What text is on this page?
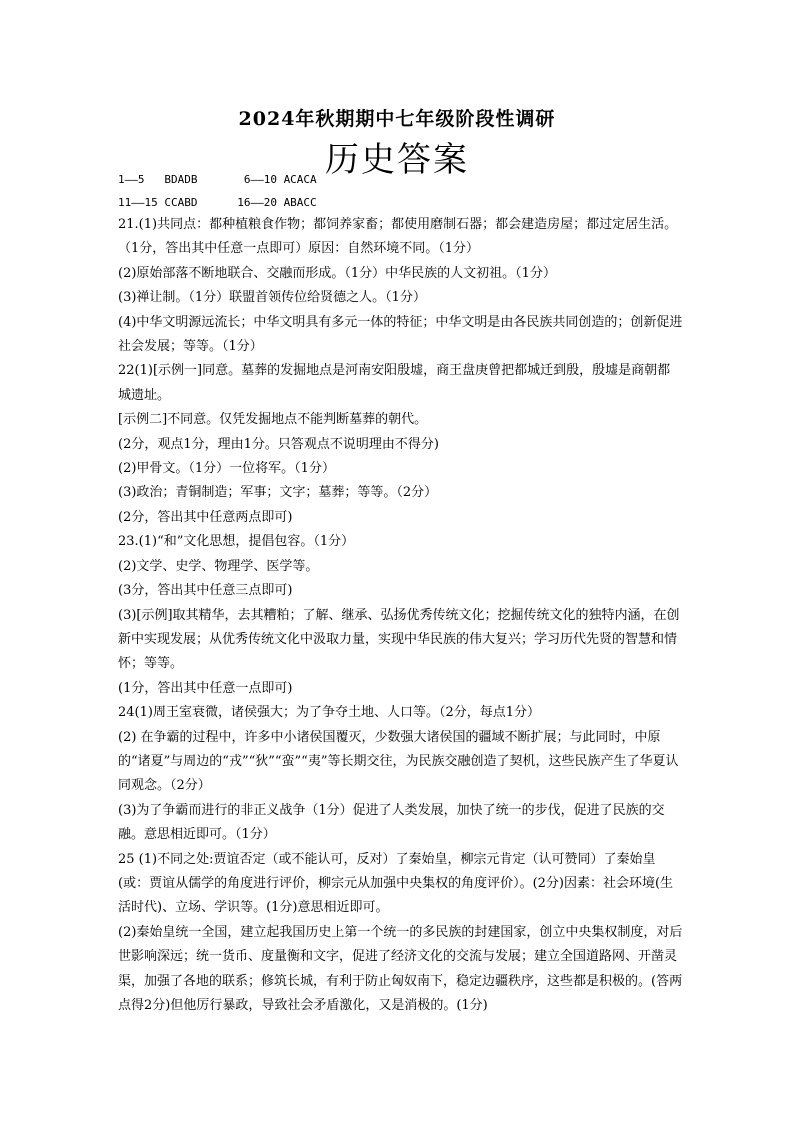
2024年秋期期中七年级阶段性调研
历史答案
1——5   BDADB       6——10 ACACA
11——15 CCABD      16——20 ABACC

21.(1)共同点：都种植粮食作物；都饲养家畜；都使用磨制石器；都会建造房屋；都过定居生活。（1分，答出其中任意一点即可）原因：自然环境不同。（1分）

(2)原始部落不断地联合、交融而形成。（1分）中华民族的人文初祖。（1分）

(3)禅让制。（1分）联盟首领传位给贤德之人。（1分）

(4)中华文明源远流长；中华文明具有多元一体的特征；中华文明是由各民族共同创造的；创新促进社会发展；等等。（1分）

22(1)[示例一]同意。墓葬的发掘地点是河南安阳殷墟，商王盘庚曾把都城迁到殷，殷墟是商朝都城遗址。

[示例二]不同意。仅凭发掘地点不能判断墓葬的朝代。

(2分，观点1分，理由1分。只答观点不说明理由不得分)

(2)甲骨文。（1分）一位将军。（1分）

(3)政治；青铜制造；军事；文字；墓葬；等等。（2分）

(2分，答出其中任意两点即可)

23.(1)“和”文化思想，提倡包容。（1分）

(2)文学、史学、物理学、医学等。

(3分，答出其中任意三点即可)

(3)[示例]取其精华，去其糟粕；了解、继承、弘扬优秀传统文化；挖掘传统文化的独特内涵，在创新中实现发展；从优秀传统文化中汲取力量，实现中华民族的伟大复兴；学习历代先贤的智慧和情怀；等等。

(1分，答出其中任意一点即可)

24(1)周王室衰微，诸侯强大；为了争夺土地、人口等。（2分，每点1分）

(2) 在争霸的过程中，许多中小诸侯国覆灭，少数强大诸侯国的疆域不断扩展；与此同时，中原的“诸夏”与周边的“戎”“狄”“蛮”“夷”等长期交往，为民族交融创造了契机，这些民族产生了华夏认同观念。（2分）

(3)为了争霸而进行的非正义战争（1分）促进了人类发展，加快了统一的步伐，促进了民族的交融。意思相近即可。（1分）

25 (1)不同之处:贾谊否定（或不能认可，反对）了秦始皇，柳宗元肯定（认可赞同）了秦始皇(或：贾谊从儒学的角度进行评价，柳宗元从加强中央集权的角度评价）。(2分)因素：社会环境(生活时代)、立场、学识等。(1分)意思相近即可。

(2)秦始皇统一全国，建立起我国历史上第一个统一的多民族的封建国家，创立中央集权制度，对后世影响深远；统一货币、度量衡和文字，促进了经济文化的交流与发展；建立全国道路网、开凿灵渠，加强了各地的联系；修筑长城，有利于防止匈奴南下，稳定边疆秩序，这些都是积极的。(答两点得2分)但他厉行暴政，导致社会矛盾激化，又是消极的。(1分)
